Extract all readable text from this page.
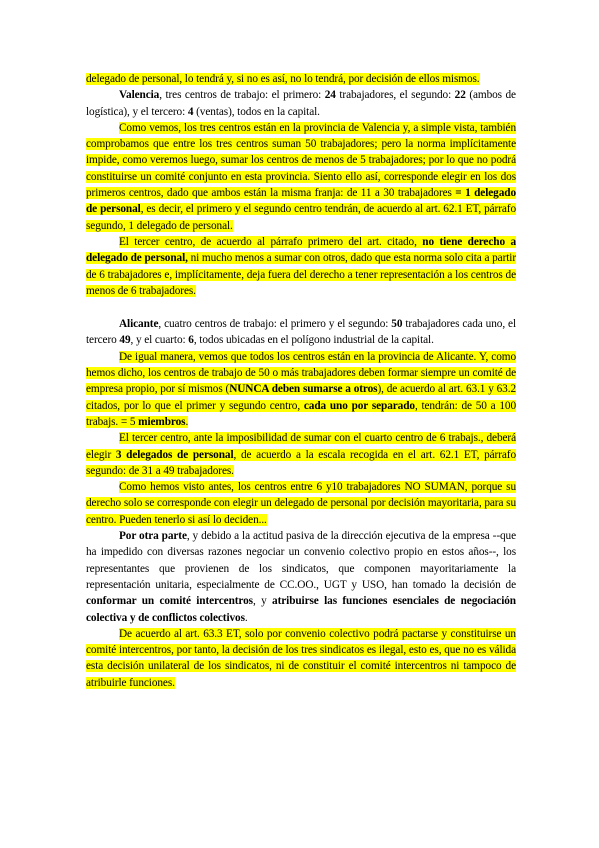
delegado de personal, lo tendrá y, si no es así, no lo tendrá, por decisión de ellos mismos.

Valencia, tres centros de trabajo: el primero: 24 trabajadores, el segundo: 22 (ambos de logística), y el tercero: 4 (ventas), todos en la capital.

Como vemos, los tres centros están en la provincia de Valencia y, a simple vista, también comprobamos que entre los tres centros suman 50 trabajadores; pero la norma implícitamente impide, como veremos luego, sumar los centros de menos de 5 trabajadores; por lo que no podrá constituirse un comité conjunto en esta provincia. Siento ello así, corresponde elegir en los dos primeros centros, dado que ambos están la misma franja: de 11 a 30 trabajadores = 1 delegado de personal, es decir, el primero y el segundo centro tendrán, de acuerdo al art. 62.1 ET, párrafo segundo, 1 delegado de personal.

El tercer centro, de acuerdo al párrafo primero del art. citado, no tiene derecho a delegado de personal, ni mucho menos a sumar con otros, dado que esta norma solo cita a partir de 6 trabajadores e, implícitamente, deja fuera del derecho a tener representación a los centros de menos de 6 trabajadores.

Alicante, cuatro centros de trabajo: el primero y el segundo: 50 trabajadores cada uno, el tercero 49, y el cuarto: 6, todos ubicadas en el polígono industrial de la capital.

De igual manera, vemos que todos los centros están en la provincia de Alicante. Y, como hemos dicho, los centros de trabajo de 50 o más trabajadores deben formar siempre un comité de empresa propio, por sí mismos (NUNCA deben sumarse a otros), de acuerdo al art. 63.1 y 63.2 citados, por lo que el primer y segundo centro, cada uno por separado, tendrán: de 50 a 100 trabajs. = 5 miembros.

El tercer centro, ante la imposibilidad de sumar con el cuarto centro de 6 trabajs., deberá elegir 3 delegados de personal, de acuerdo a la escala recogida en el art. 62.1 ET, párrafo segundo: de 31 a 49 trabajadores.

Como hemos visto antes, los centros entre 6 y10 trabajadores NO SUMAN, porque su derecho solo se corresponde con elegir un delegado de personal por decisión mayoritaria, para su centro. Pueden tenerlo si así lo deciden...

Por otra parte, y debido a la actitud pasiva de la dirección ejecutiva de la empresa --que ha impedido con diversas razones negociar un convenio colectivo propio en estos años--, los representantes que provienen de los sindicatos, que componen mayoritariamente la representación unitaria, especialmente de CC.OO., UGT y USO, han tomado la decisión de conformar un comité intercentros, y atribuirse las funciones esenciales de negociación colectiva y de conflictos colectivos.

De acuerdo al art. 63.3 ET, solo por convenio colectivo podrá pactarse y constituirse un comité intercentros, por tanto, la decisión de los tres sindicatos es ilegal, esto es, que no es válida esta decisión unilateral de los sindicatos, ni de constituir el comité intercentros ni tampoco de atribuirle funciones.
